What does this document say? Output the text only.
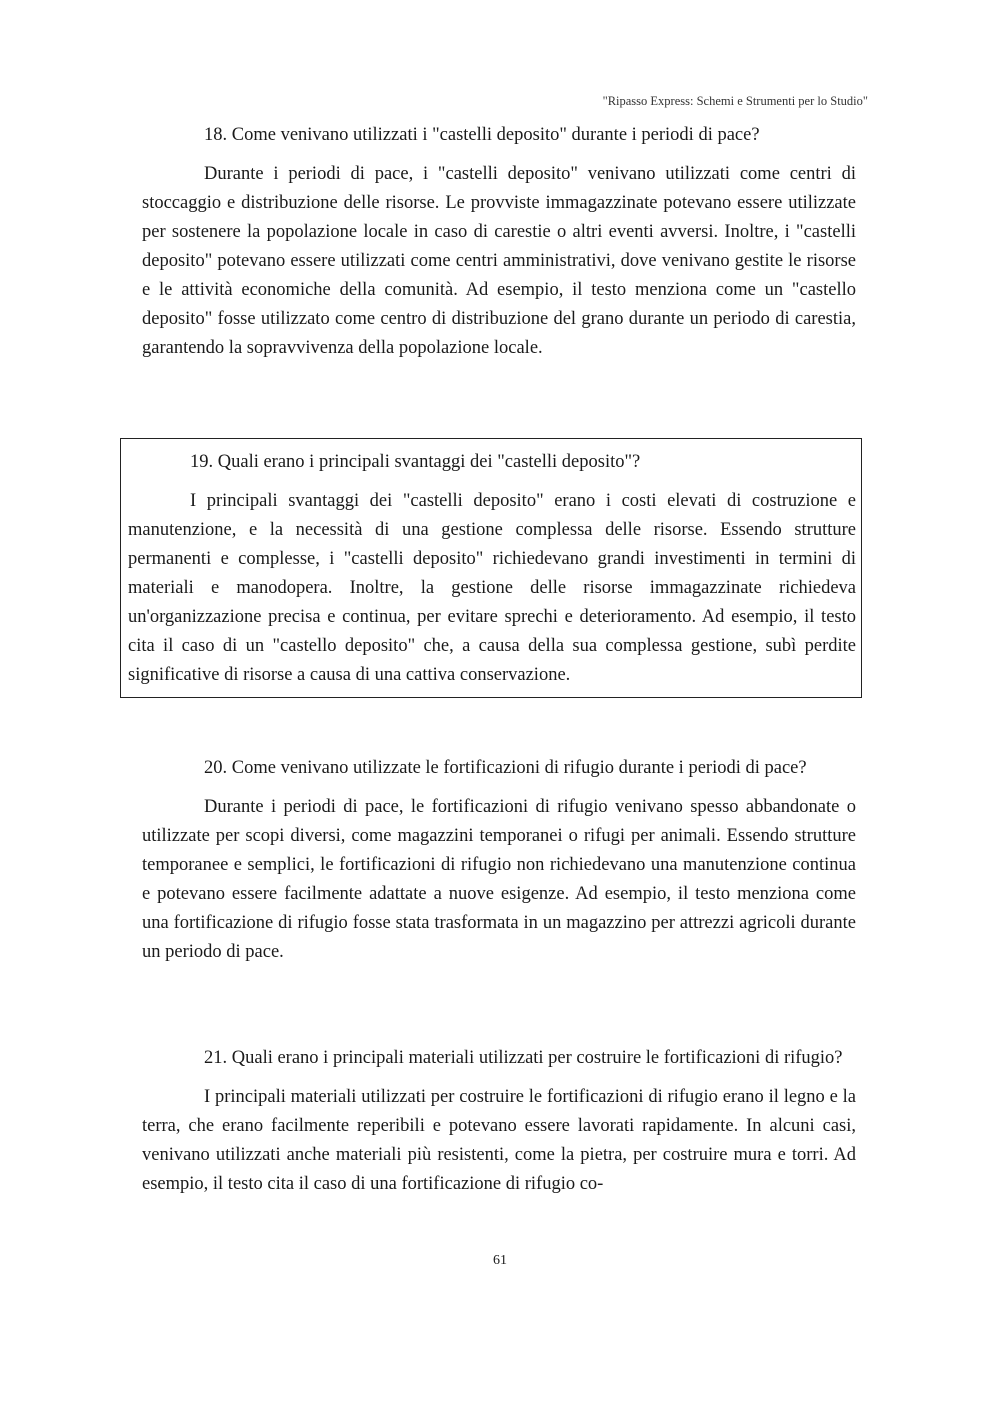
"Ripasso Express: Schemi e Strumenti per lo Studio"

18. Come venivano utilizzati i "castelli deposito" durante i periodi di pace?

Durante i periodi di pace, i "castelli deposito" venivano utilizzati come centri di stoccaggio e distribuzione delle risorse. Le provviste immagazzinate potevano essere utilizzate per sostenere la popolazione locale in caso di carestie o altri eventi avversi. Inoltre, i "castelli deposito" potevano essere utilizzati come centri amministrativi, dove venivano gestite le risorse e le attività economiche della comunità. Ad esempio, il testo menziona come un "castello deposito" fosse utilizzato come centro di distribuzione del grano durante un periodo di carestia, garantendo la sopravvivenza della popolazione locale.

19. Quali erano i principali svantaggi dei "castelli deposito"?

I principali svantaggi dei "castelli deposito" erano i costi elevati di costruzione e manutenzione, e la necessità di una gestione complessa delle risorse. Essendo strutture permanenti e complesse, i "castelli deposito" richiedevano grandi investimenti in termini di materiali e manodopera. Inoltre, la gestione delle risorse immagazzinate richiedeva un'organizzazione precisa e continua, per evitare sprechi e deterioramento. Ad esempio, il testo cita il caso di un "castello deposito" che, a causa della sua complessa gestione, subì perdite significative di risorse a causa di una cattiva conservazione.

20. Come venivano utilizzate le fortificazioni di rifugio durante i periodi di pace?

Durante i periodi di pace, le fortificazioni di rifugio venivano spesso abbandonate o utilizzate per scopi diversi, come magazzini temporanei o rifugi per animali. Essendo strutture temporanee e semplici, le fortificazioni di rifugio non richiedevano una manutenzione continua e potevano essere facilmente adattate a nuove esigenze. Ad esempio, il testo menziona come una fortificazione di rifugio fosse stata trasformata in un magazzino per attrezzi agricoli durante un periodo di pace.

21. Quali erano i principali materiali utilizzati per costruire le fortificazioni di rifugio?

I principali materiali utilizzati per costruire le fortificazioni di rifugio erano il legno e la terra, che erano facilmente reperibili e potevano essere lavorati rapidamente. In alcuni casi, venivano utilizzati anche materiali più resistenti, come la pietra, per costruire mura e torri. Ad esempio, il testo cita il caso di una fortificazione di rifugio co-

61
